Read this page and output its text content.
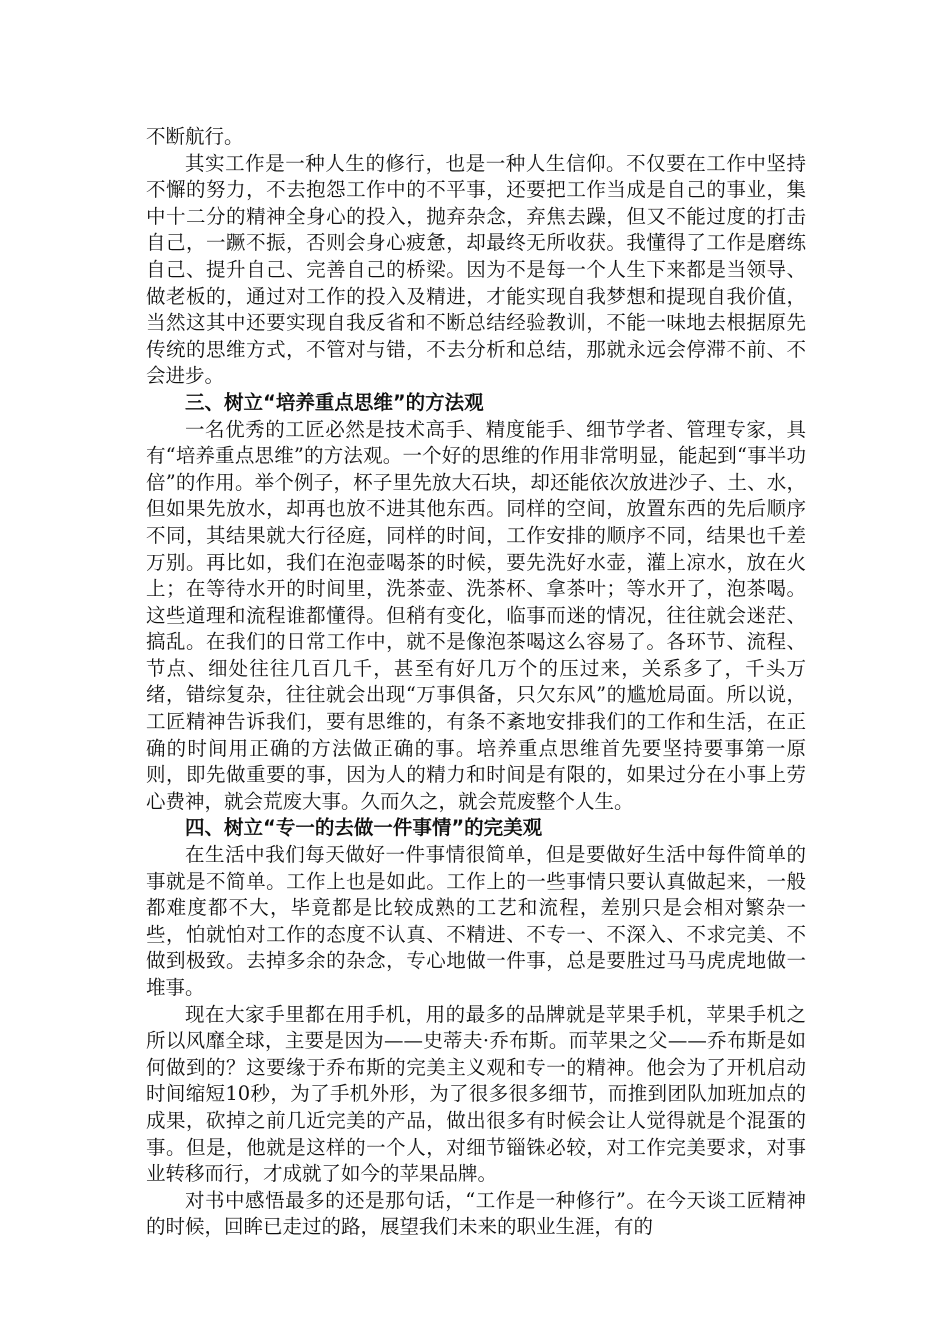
不断航行。

其实工作是一种人生的修行，也是一种人生信仰。不仅要在工作中坚持不懈的努力，不去抱怨工作中的不平事，还要把工作当成是自己的事业，集中十二分的精神全身心的投入，抛弃杂念，弃焦去躁，但又不能过度的打击自己，一蹶不振，否则会身心疲惫，却最终无所收获。我懂得了工作是磨练自己、提升自己、完善自己的桥梁。因为不是每一个人生下来都是当领导、做老板的，通过对工作的投入及精进，才能实现自我梦想和提现自我价值，当然这其中还要实现自我反省和不断总结经验教训，不能一味地去根据原先传统的思维方式，不管对与错，不去分析和总结，那就永远会停滞不前、不会进步。

三、树立“培养重点思维”的方法观

一名优秀的工匠必然是技术高手、精度能手、细节学者、管理专家，具有“培养重点思维”的方法观。一个好的思维的作用非常明显，能起到“事半功倍”的作用。举个例子，杯子里先放大石块，却还能依次放进沙子、土、水，但如果先放水，却再也放不进其他东西。同样的空间，放置东西的先后顺序不同，其结果就大行径庭，同样的时间，工作安排的顺序不同，结果也千差万别。再比如，我们在泡壶喝茶的时候，要先洗好水壶，灌上凉水，放在火上；在等待水开的时间里，洗茶壶、洗茶杯、拿茶叶；等水开了，泡茶喝。这些道理和流程谁都懂得。但稍有变化，临事而迷的情况，往往就会迷茫、搞乱。在我们的日常工作中，就不是像泡茶喝这么容易了。各环节、流程、节点、细处往往几百几千，甚至有好几万个的压过来，关系多了，千头万绪，错综复杂，往往就会出现“万事俱备，只欠东风”的尴尬局面。所以说，工匠精神告诉我们，要有思维的，有条不紊地安排我们的工作和生活，在正确的时间用正确的方法做正确的事。培养重点思维首先要坚持要事第一原则，即先做重要的事，因为人的精力和时间是有限的，如果过分在小事上劳心费神，就会荒废大事。久而久之，就会荒废整个人生。

四、树立“专一的去做一件事情”的完美观

在生活中我们每天做好一件事情很简单，但是要做好生活中每件简单的事就是不简单。工作上也是如此。工作上的一些事情只要认真做起来，一般都难度都不大，毕竟都是比较成熟的工艺和流程，差别只是会相对繁杂一些，怕就怕对工作的态度不认真、不精进、不专一、不深入、不求完美、不做到极致。去掉多余的杂念，专心地做一件事，总是要胜过马马虎虎地做一堆事。

现在大家手里都在用手机，用的最多的品牌就是苹果手机，苹果手机之所以风靡全球，主要是因为——史蒂夫·乔布斯。而苹果之父——乔布斯是如何做到的？这要缘于乔布斯的完美主义观和专一的精神。他会为了开机启动时间缩短10秒，为了手机外形，为了很多很多细节，而推到团队加班加点的成果，砍掉之前几近完美的产品，做出很多有时候会让人觉得就是个混蛋的事。但是，他就是这样的一个人，对细节锱铢必较，对工作完美要求，对事业转移而行，才成就了如今的苹果品牌。

对书中感悟最多的还是那句话，“工作是一种修行”。在今天谈工匠精神的时候，回眸已走过的路，展望我们未来的职业生涯，有的
